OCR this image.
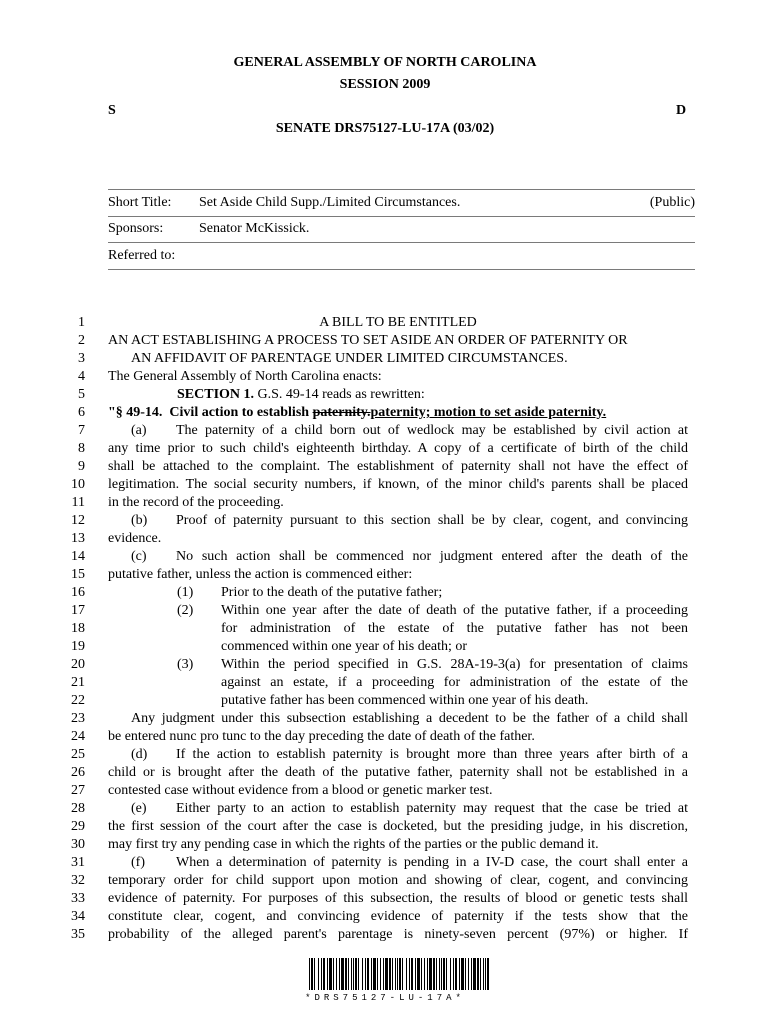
GENERAL ASSEMBLY OF NORTH CAROLINA
SESSION 2009
S	D
SENATE DRS75127-LU-17A (03/02)
Short Title: Set Aside Child Supp./Limited Circumstances.	(Public)
Sponsors:	Senator McKissick.
Referred to:
1	A BILL TO BE ENTITLED
2 AN ACT ESTABLISHING A PROCESS TO SET ASIDE AN ORDER OF PATERNITY OR
3	AN AFFIDAVIT OF PARENTAGE UNDER LIMITED CIRCUMSTANCES.
4 The General Assembly of North Carolina enacts:
5	SECTION 1. G.S. 49-14 reads as rewritten:
6 "§ 49-14.  Civil action to establish paternity.paternity; motion to set aside paternity.
7	(a) The paternity of a child born out of wedlock may be established by civil action at
8 any time prior to such child's eighteenth birthday. A copy of a certificate of birth of the child
9 shall be attached to the complaint. The establishment of paternity shall not have the effect of
10 legitimation. The social security numbers, if known, of the minor child's parents shall be placed
11 in the record of the proceeding.
12	(b) Proof of paternity pursuant to this section shall be by clear, cogent, and convincing
13 evidence.
14	(c) No such action shall be commenced nor judgment entered after the death of the
15 putative father, unless the action is commenced either:
16	(1)	Prior to the death of the putative father;
17	(2)	Within one year after the date of death of the putative father, if a proceeding
18	for administration of the estate of the putative father has not been
19	commenced within one year of his death; or
20	(3)	Within the period specified in G.S. 28A-19-3(a) for presentation of claims
21	against an estate, if a proceeding for administration of the estate of the
22	putative father has been commenced within one year of his death.
23	Any judgment under this subsection establishing a decedent to be the father of a child shall
24 be entered nunc pro tunc to the day preceding the date of death of the father.
25	(d) If the action to establish paternity is brought more than three years after birth of a
26 child or is brought after the death of the putative father, paternity shall not be established in a
27 contested case without evidence from a blood or genetic marker test.
28	(e) Either party to an action to establish paternity may request that the case be tried at
29 the first session of the court after the case is docketed, but the presiding judge, in his discretion,
30 may first try any pending case in which the rights of the parties or the public demand it.
31	(f) When a determination of paternity is pending in a IV-D case, the court shall enter a
32 temporary order for child support upon motion and showing of clear, cogent, and convincing
33 evidence of paternity. For purposes of this subsection, the results of blood or genetic tests shall
34 constitute clear, cogent, and convincing evidence of paternity if the tests show that the
35 probability of the alleged parent's parentage is ninety-seven percent (97%) or higher. If
*DRS75127-LU-17A*
